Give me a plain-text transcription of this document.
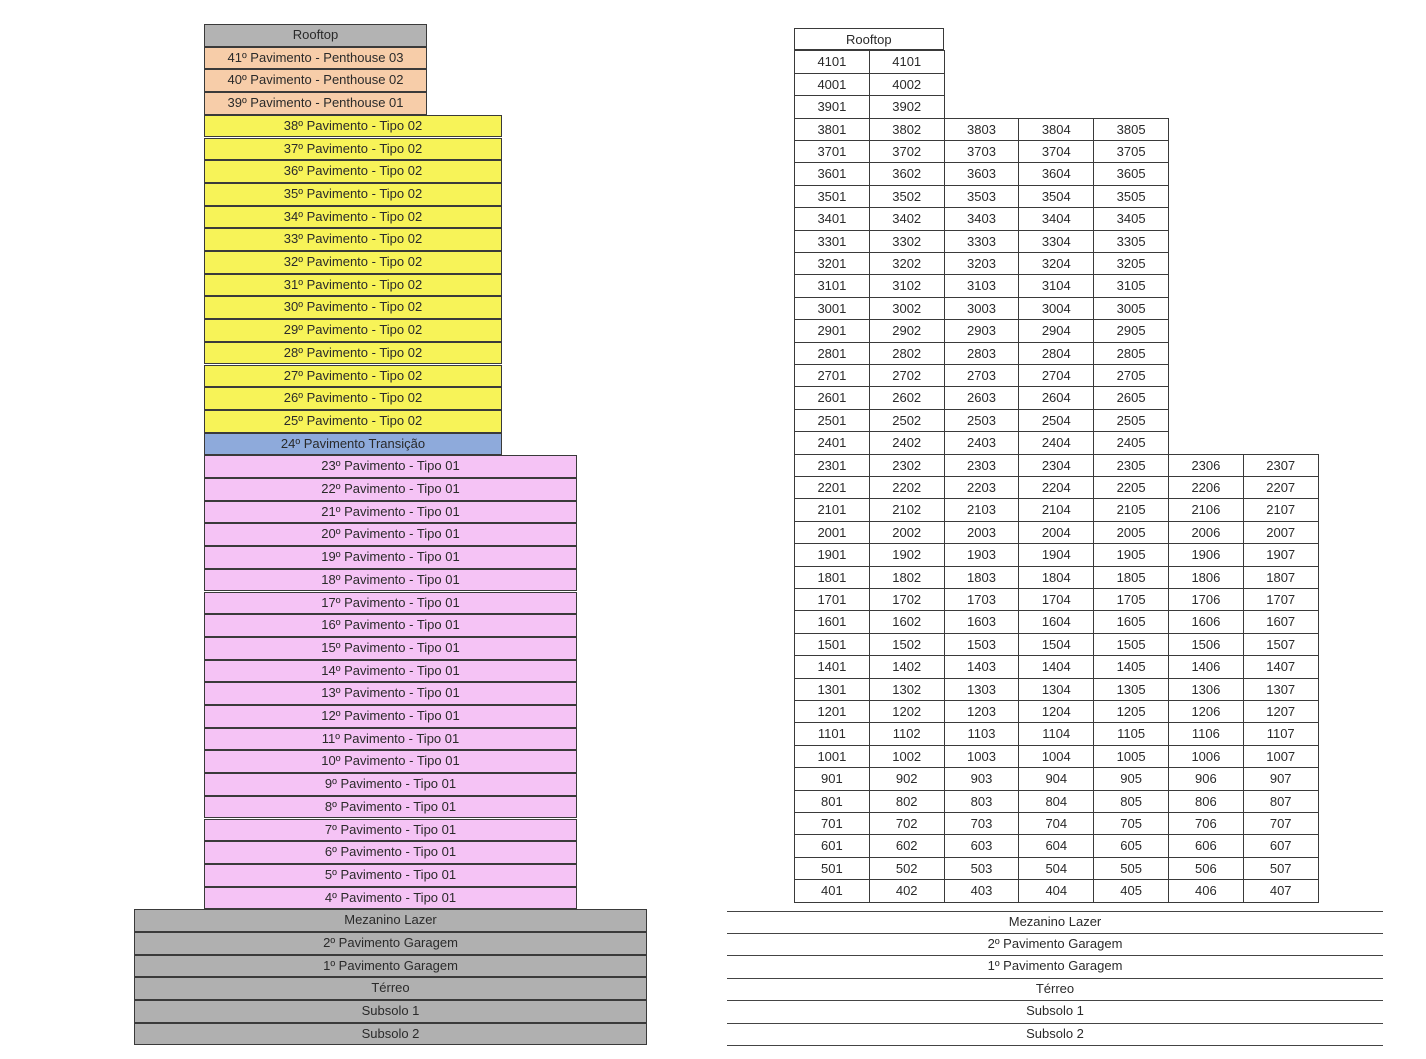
Rooftop
41º Pavimento - Penthouse 03
40º Pavimento - Penthouse 02
39º Pavimento - Penthouse 01
38º Pavimento - Tipo 02
37º Pavimento - Tipo 02
36º Pavimento - Tipo 02
35º Pavimento - Tipo 02
34º Pavimento - Tipo 02
33º Pavimento - Tipo 02
32º Pavimento - Tipo 02
31º Pavimento - Tipo 02
30º Pavimento - Tipo 02
29º Pavimento - Tipo 02
28º Pavimento - Tipo 02
27º Pavimento - Tipo 02
26º Pavimento - Tipo 02
25º Pavimento - Tipo 02
24º Pavimento Transição
23º Pavimento - Tipo 01
22º Pavimento - Tipo 01
21º Pavimento - Tipo 01
20º Pavimento - Tipo 01
19º Pavimento - Tipo 01
18º Pavimento - Tipo 01
17º Pavimento - Tipo 01
16º Pavimento - Tipo 01
15º Pavimento - Tipo 01
14º Pavimento - Tipo 01
13º Pavimento - Tipo 01
12º Pavimento - Tipo 01
11º Pavimento - Tipo 01
10º Pavimento - Tipo 01
9º Pavimento - Tipo 01
8º Pavimento - Tipo 01
7º Pavimento - Tipo 01
6º Pavimento - Tipo 01
5º Pavimento - Tipo 01
4º Pavimento - Tipo 01
Mezanino Lazer
2º Pavimento Garagem
1º Pavimento Garagem
Térreo
Subsolo 1
Subsolo 2
Rooftop
4101	4101
4001	4002
3901	3902
3801	3802	3803	3804	3805
3701	3702	3703	3704	3705
3601	3602	3603	3604	3605
3501	3502	3503	3504	3505
3401	3402	3403	3404	3405
3301	3302	3303	3304	3305
3201	3202	3203	3204	3205
3101	3102	3103	3104	3105
3001	3002	3003	3004	3005
2901	2902	2903	2904	2905
2801	2802	2803	2804	2805
2701	2702	2703	2704	2705
2601	2602	2603	2604	2605
2501	2502	2503	2504	2505
2401	2402	2403	2404	2405
2301	2302	2303	2304	2305	2306	2307
2201	2202	2203	2204	2205	2206	2207
2101	2102	2103	2104	2105	2106	2107
2001	2002	2003	2004	2005	2006	2007
1901	1902	1903	1904	1905	1906	1907
1801	1802	1803	1804	1805	1806	1807
1701	1702	1703	1704	1705	1706	1707
1601	1602	1603	1604	1605	1606	1607
1501	1502	1503	1504	1505	1506	1507
1401	1402	1403	1404	1405	1406	1407
1301	1302	1303	1304	1305	1306	1307
1201	1202	1203	1204	1205	1206	1207
1101	1102	1103	1104	1105	1106	1107
1001	1002	1003	1004	1005	1006	1007
901	902	903	904	905	906	907
801	802	803	804	805	806	807
701	702	703	704	705	706	707
601	602	603	604	605	606	607
501	502	503	504	505	506	507
401	402	403	404	405	406	407
Mezanino Lazer
2º Pavimento Garagem
1º Pavimento Garagem
Térreo
Subsolo 1
Subsolo 2
